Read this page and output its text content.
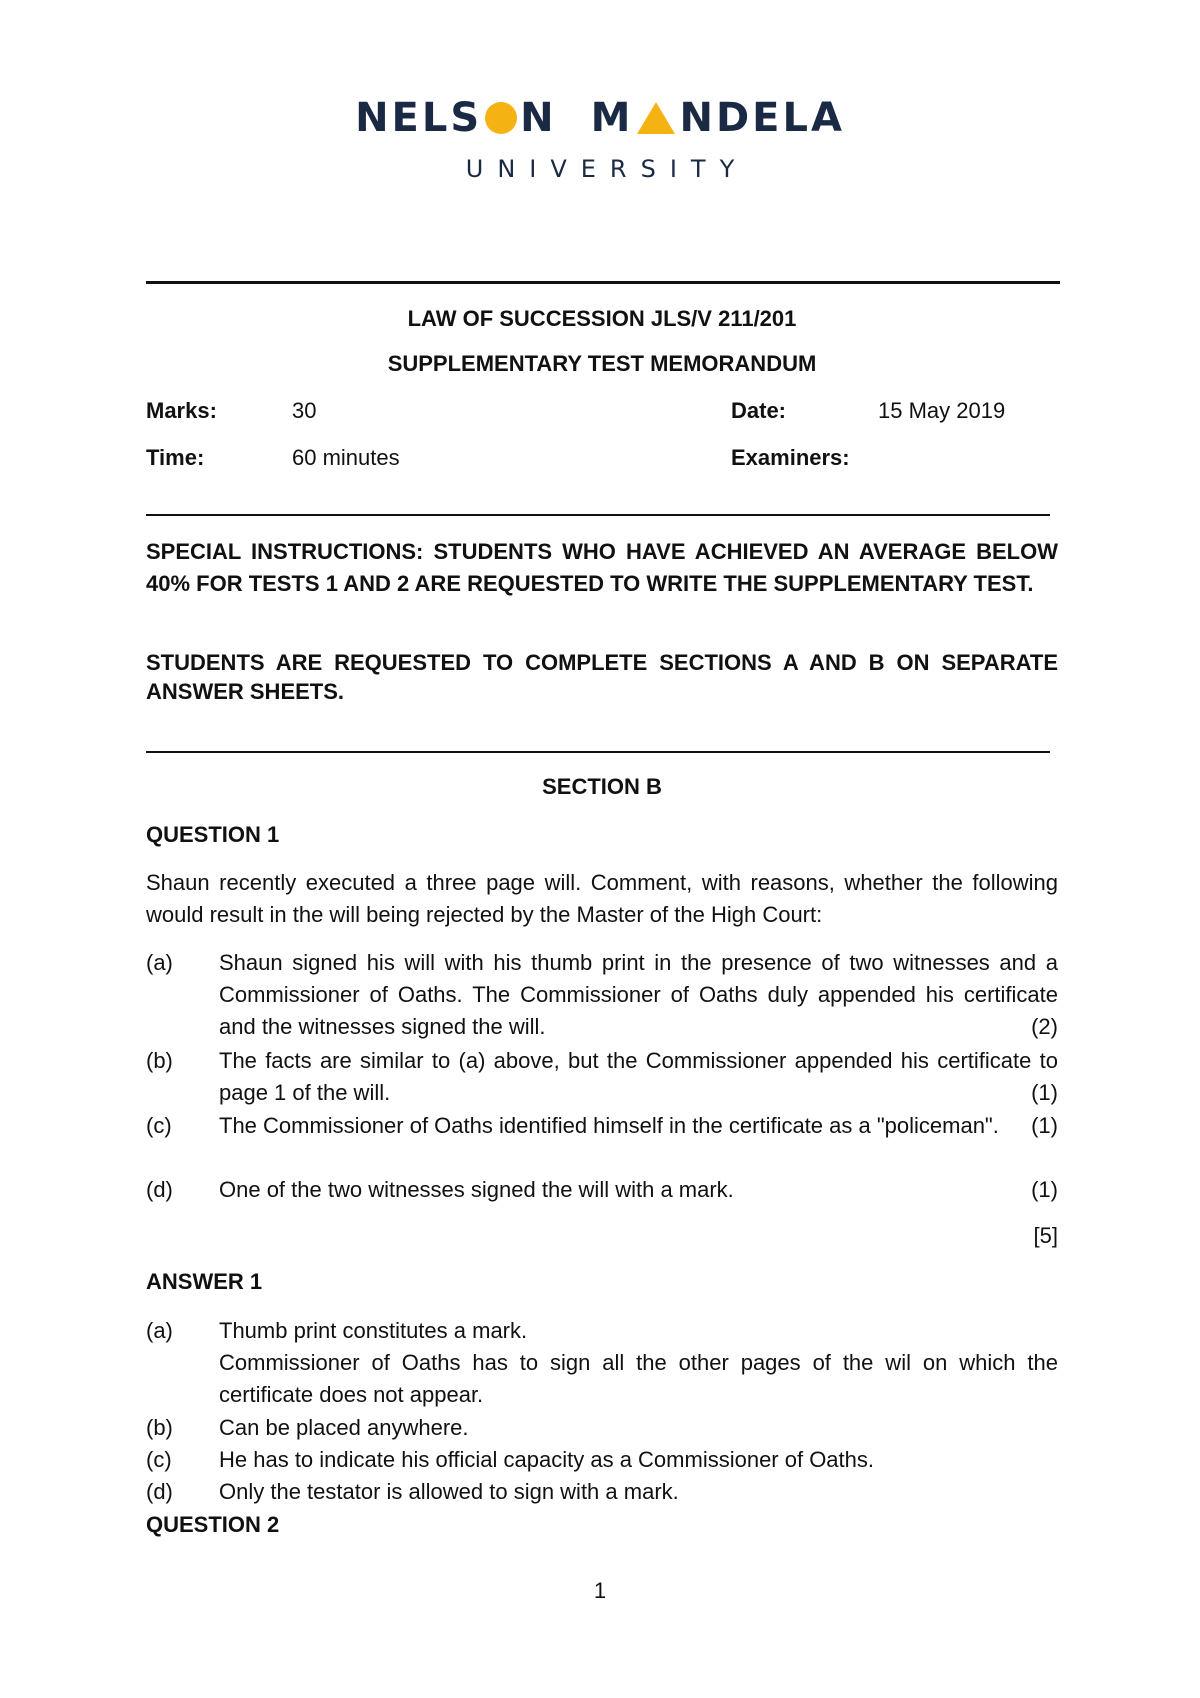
NELS N M NDELA
UNIVERSITY
LAW OF SUCCESSION JLS/V 211/201
SUPPLEMENTARY TEST MEMORANDUM
Marks:	30	Date:	15 May 2019
Time:	60 minutes	Examiners:
SPECIAL INSTRUCTIONS: STUDENTS WHO HAVE ACHIEVED AN AVERAGE BELOW 40% FOR TESTS 1 AND 2 ARE REQUESTED TO WRITE THE SUPPLEMENTARY TEST.
STUDENTS ARE REQUESTED TO COMPLETE SECTIONS A AND B ON SEPARATE ANSWER SHEETS.
SECTION B
QUESTION 1
Shaun recently executed a three page will. Comment, with reasons, whether the following would result in the will being rejected by the Master of the High Court:
(a) Shaun signed his will with his thumb print in the presence of two witnesses and a Commissioner of Oaths. The Commissioner of Oaths duly appended his certificate and the witnesses signed the will.	(2)
(b) The facts are similar to (a) above, but the Commissioner appended his certificate to page 1 of the will.	(1)
(c) The Commissioner of Oaths identified himself in the certificate as a "policeman".	(1)
(d) One of the two witnesses signed the will with a mark.	(1)
[5]
ANSWER 1
(a) Thumb print constitutes a mark.
Commissioner of Oaths has to sign all the other pages of the wil on which the certificate does not appear.
(b) Can be placed anywhere.
(c) He has to indicate his official capacity as a Commissioner of Oaths.
(d) Only the testator is allowed to sign with a mark.
QUESTION 2
1
